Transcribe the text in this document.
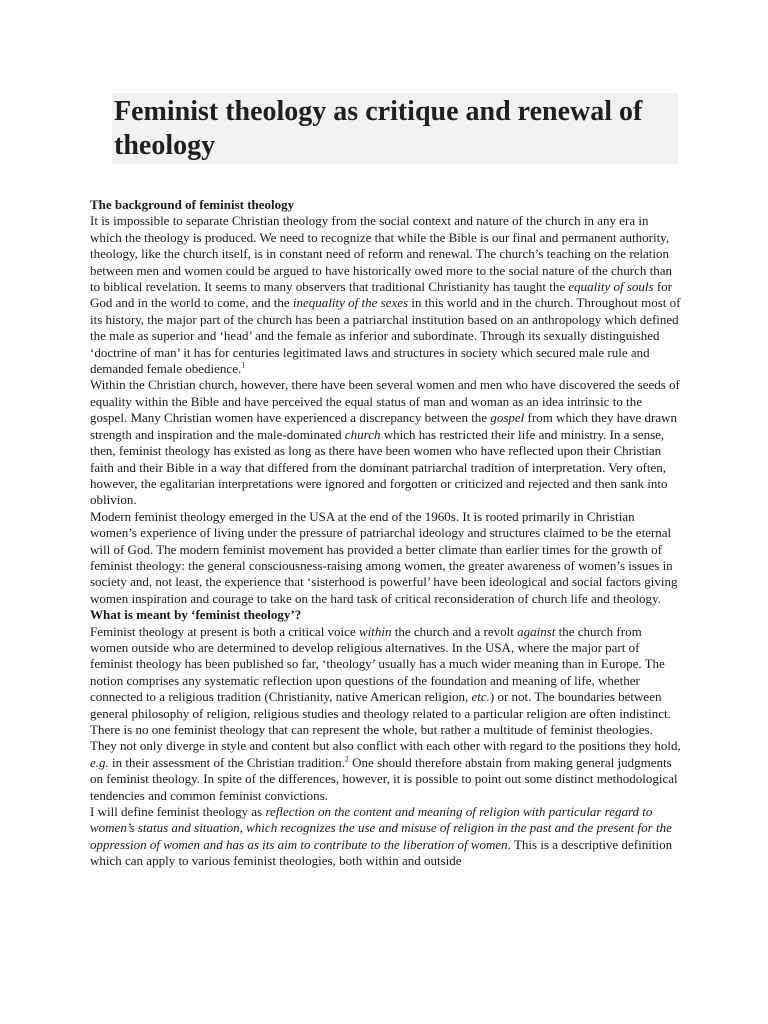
Feminist theology as critique and renewal of theology
The background of feminist theology

It is impossible to separate Christian theology from the social context and nature of the church in any era in which the theology is produced. We need to recognize that while the Bible is our final and permanent authority, theology, like the church itself, is in constant need of reform and renewal. The church’s teaching on the relation between men and women could be argued to have historically owed more to the social nature of the church than to biblical revelation. It seems to many observers that traditional Christianity has taught the equality of souls for God and in the world to come, and the inequality of the sexes in this world and in the church. Throughout most of its history, the major part of the church has been a patriarchal institution based on an anthropology which defined the male as superior and ‘head’ and the female as inferior and subordinate. Through its sexually distinguished ‘doctrine of man’ it has for centuries legitimated laws and structures in society which secured male rule and demanded female obedience.$^1$

Within the Christian church, however, there have been several women and men who have discovered the seeds of equality within the Bible and have perceived the equal status of man and woman as an idea intrinsic to the gospel. Many Christian women have experienced a discrepancy between the gospel from which they have drawn strength and inspiration and the male-dominated church which has restricted their life and ministry. In a sense, then, feminist theology has existed as long as there have been women who have reflected upon their Christian faith and their Bible in a way that differed from the dominant patriarchal tradition of interpretation. Very often, however, the egalitarian interpretations were ignored and forgotten or criticized and rejected and then sank into oblivion.

Modern feminist theology emerged in the USA at the end of the 1960s. It is rooted primarily in Christian women’s experience of living under the pressure of patriarchal ideology and structures claimed to be the eternal will of God. The modern feminist movement has provided a better climate than earlier times for the growth of feminist theology: the general consciousness-raising among women, the greater awareness of women’s issues in society and, not least, the experience that ‘sisterhood is powerful’ have been ideological and social factors giving women inspiration and courage to take on the hard task of critical reconsideration of church life and theology.

What is meant by ‘feminist theology’?

Feminist theology at present is both a critical voice within the church and a revolt against the church from women outside who are determined to develop religious alternatives. In the USA, where the major part of feminist theology has been published so far, ‘theology’ usually has a much wider meaning than in Europe. The notion comprises any systematic reflection upon questions of the foundation and meaning of life, whether connected to a religious tradition (Christianity, native American religion, etc.) or not. The boundaries between general philosophy of religion, religious studies and theology related to a particular religion are often indistinct.

There is no one feminist theology that can represent the whole, but rather a multitude of feminist theologies. They not only diverge in style and content but also conflict with each other with regard to the positions they hold, e.g. in their assessment of the Christian tradition.$^2$ One should therefore abstain from making general judgments on feminist theology. In spite of the differences, however, it is possible to point out some distinct methodological tendencies and common feminist convictions.

I will define feminist theology as reflection on the content and meaning of religion with particular regard to women’s status and situation, which recognizes the use and misuse of religion in the past and the present for the oppression of women and has as its aim to contribute to the liberation of women. This is a descriptive definition which can apply to various feminist theologies, both within and outside
